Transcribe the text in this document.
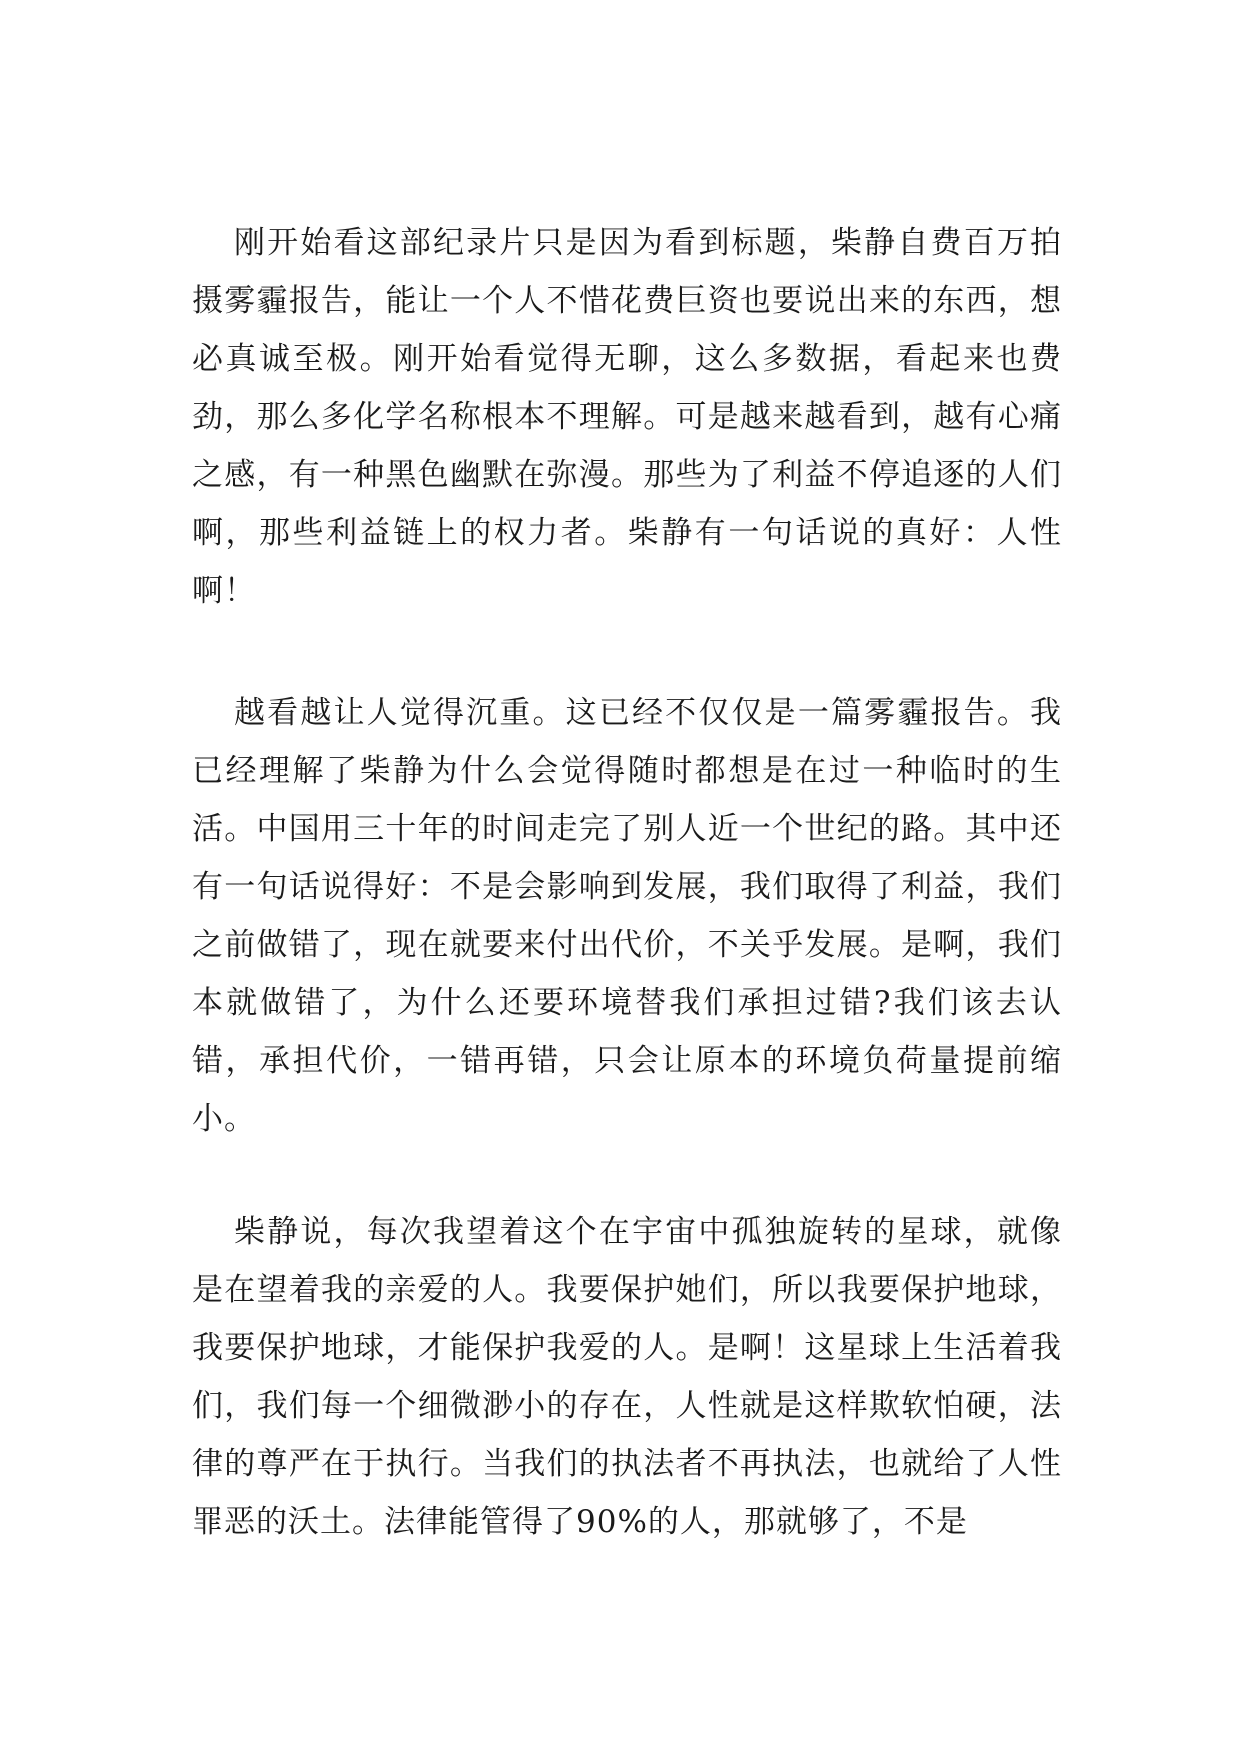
刚开始看这部纪录片只是因为看到标题，柴静自费百万拍摄雾霾报告，能让一个人不惜花费巨资也要说出来的东西，想必真诚至极。刚开始看觉得无聊，这么多数据，看起来也费劲，那么多化学名称根本不理解。可是越来越看到，越有心痛之感，有一种黑色幽默在弥漫。那些为了利益不停追逐的人们啊，那些利益链上的权力者。柴静有一句话说的真好：人性啊！

越看越让人觉得沉重。这已经不仅仅是一篇雾霾报告。我已经理解了柴静为什么会觉得随时都想是在过一种临时的生活。中国用三十年的时间走完了别人近一个世纪的路。其中还有一句话说得好：不是会影响到发展，我们取得了利益，我们之前做错了，现在就要来付出代价，不关乎发展。是啊，我们本就做错了，为什么还要环境替我们承担过错?我们该去认错，承担代价，一错再错，只会让原本的环境负荷量提前缩小。

柴静说，每次我望着这个在宇宙中孤独旋转的星球，就像是在望着我的亲爱的人。我要保护她们，所以我要保护地球，我要保护地球，才能保护我爱的人。是啊！这星球上生活着我们，我们每一个细微渺小的存在，人性就是这样欺软怕硬，法律的尊严在于执行。当我们的执法者不再执法，也就给了人性罪恶的沃土。法律能管得了90%的人，那就够了，不是
